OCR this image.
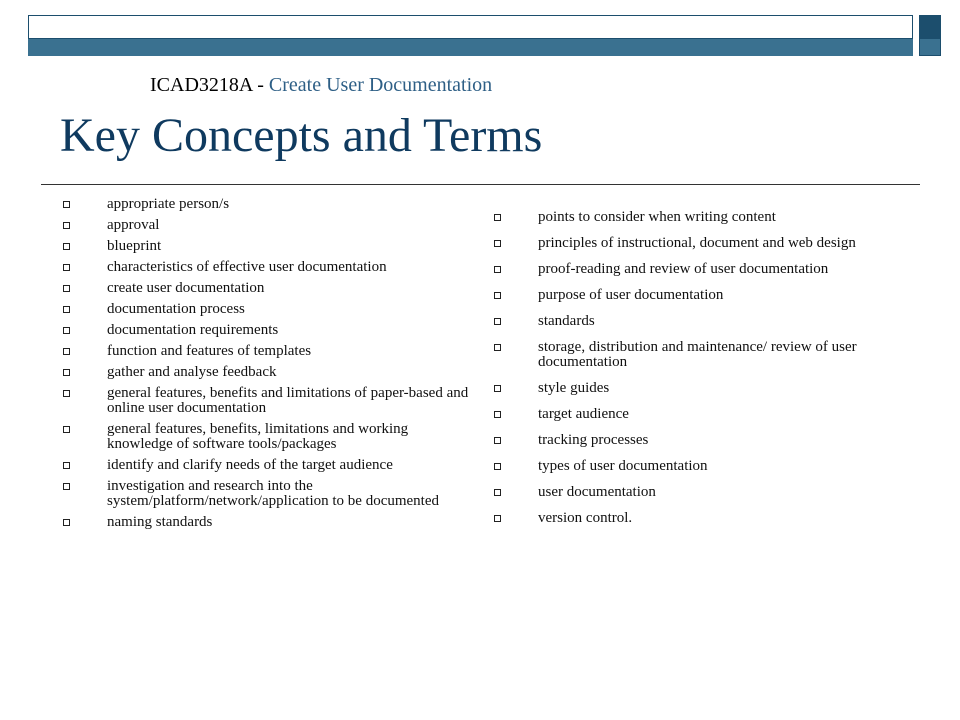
ICAD3218A - Create User Documentation
Key Concepts and Terms
appropriate person/s
approval
blueprint
characteristics of effective user documentation
create user documentation
documentation process
documentation requirements
function and features of templates
gather and analyse feedback
general features, benefits and limitations of paper-based and online user documentation
general features, benefits, limitations and working knowledge of software tools/packages
identify and clarify needs of the target audience
investigation and research into the system/platform/network/application to be documented
naming standards
points to consider when writing content
principles of instructional, document and web design
proof-reading and review of user documentation
purpose of user documentation
standards
storage, distribution and maintenance/ review of user documentation
style guides
target audience
tracking processes
types of user documentation
user documentation
version control.
